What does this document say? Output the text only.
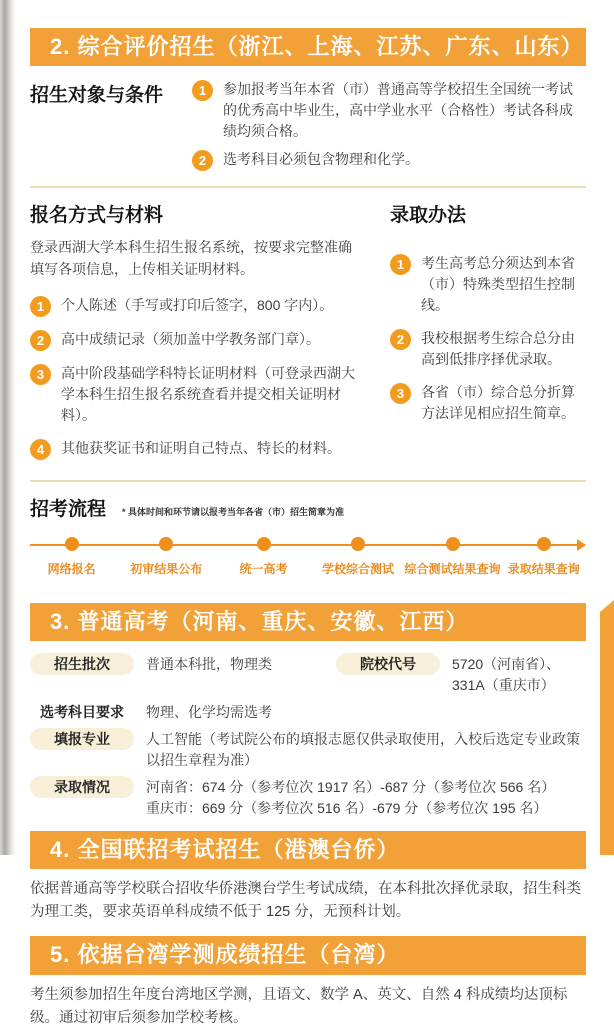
2. 综合评价招生（浙江、上海、江苏、广东、山东）
招生对象与条件	1	参加报考当年本省（市）普通高等学校招生全国统一考试的优秀高中毕业生，高中学业水平（合格性）考试各科成绩均须合格。
2	选考科目必须包含物理和化学。
报名方式与材料
登录西湖大学本科生招生报名系统，按要求完整准确填写各项信息，上传相关证明材料。
1	个人陈述（手写或打印后签字，800 字内）。
2	高中成绩记录（须加盖中学教务部门章）。
3	高中阶段基础学科特长证明材料（可登录西湖大学本科生招生报名系统查看并提交相关证明材料）。
4	其他获奖证书和证明自己特点、特长的材料。
录取办法
1	考生高考总分须达到本省（市）特殊类型招生控制线。
2	我校根据考生综合总分由高到低排序择优录取。
3	各省（市）综合总分折算方法详见相应招生简章。
招考流程 * 具体时间和环节请以报考当年各省（市）招生简章为准
网络报名	初审结果公布	统一高考	学校综合测试 综合测试结果查询 录取结果查询
3. 普通高考（河南、重庆、安徽、江西）
招生批次	普通本科批，物理类	院校代号	5720（河南省）、331A（重庆市）
选考科目要求	物理、化学均需选考
填报专业	人工智能（考试院公布的填报志愿仅供录取使用，入校后选定专业政策以招生章程为准）
录取情况	河南省：674 分（参考位次 1917 名）-687 分（参考位次 566 名）
重庆市：669 分（参考位次 516 名）-679 分（参考位次 195 名）
4. 全国联招考试招生（港澳台侨）
依据普通高等学校联合招收华侨港澳台学生考试成绩，在本科批次择优录取，招生科类为理工类，要求英语单科成绩不低于 125 分，无预科计划。
5. 依据台湾学测成绩招生（台湾）
考生须参加招生年度台湾地区学测，且语文、数学 A、英文、自然 4 科成绩均达顶标级。通过初审后须参加学校考核。
